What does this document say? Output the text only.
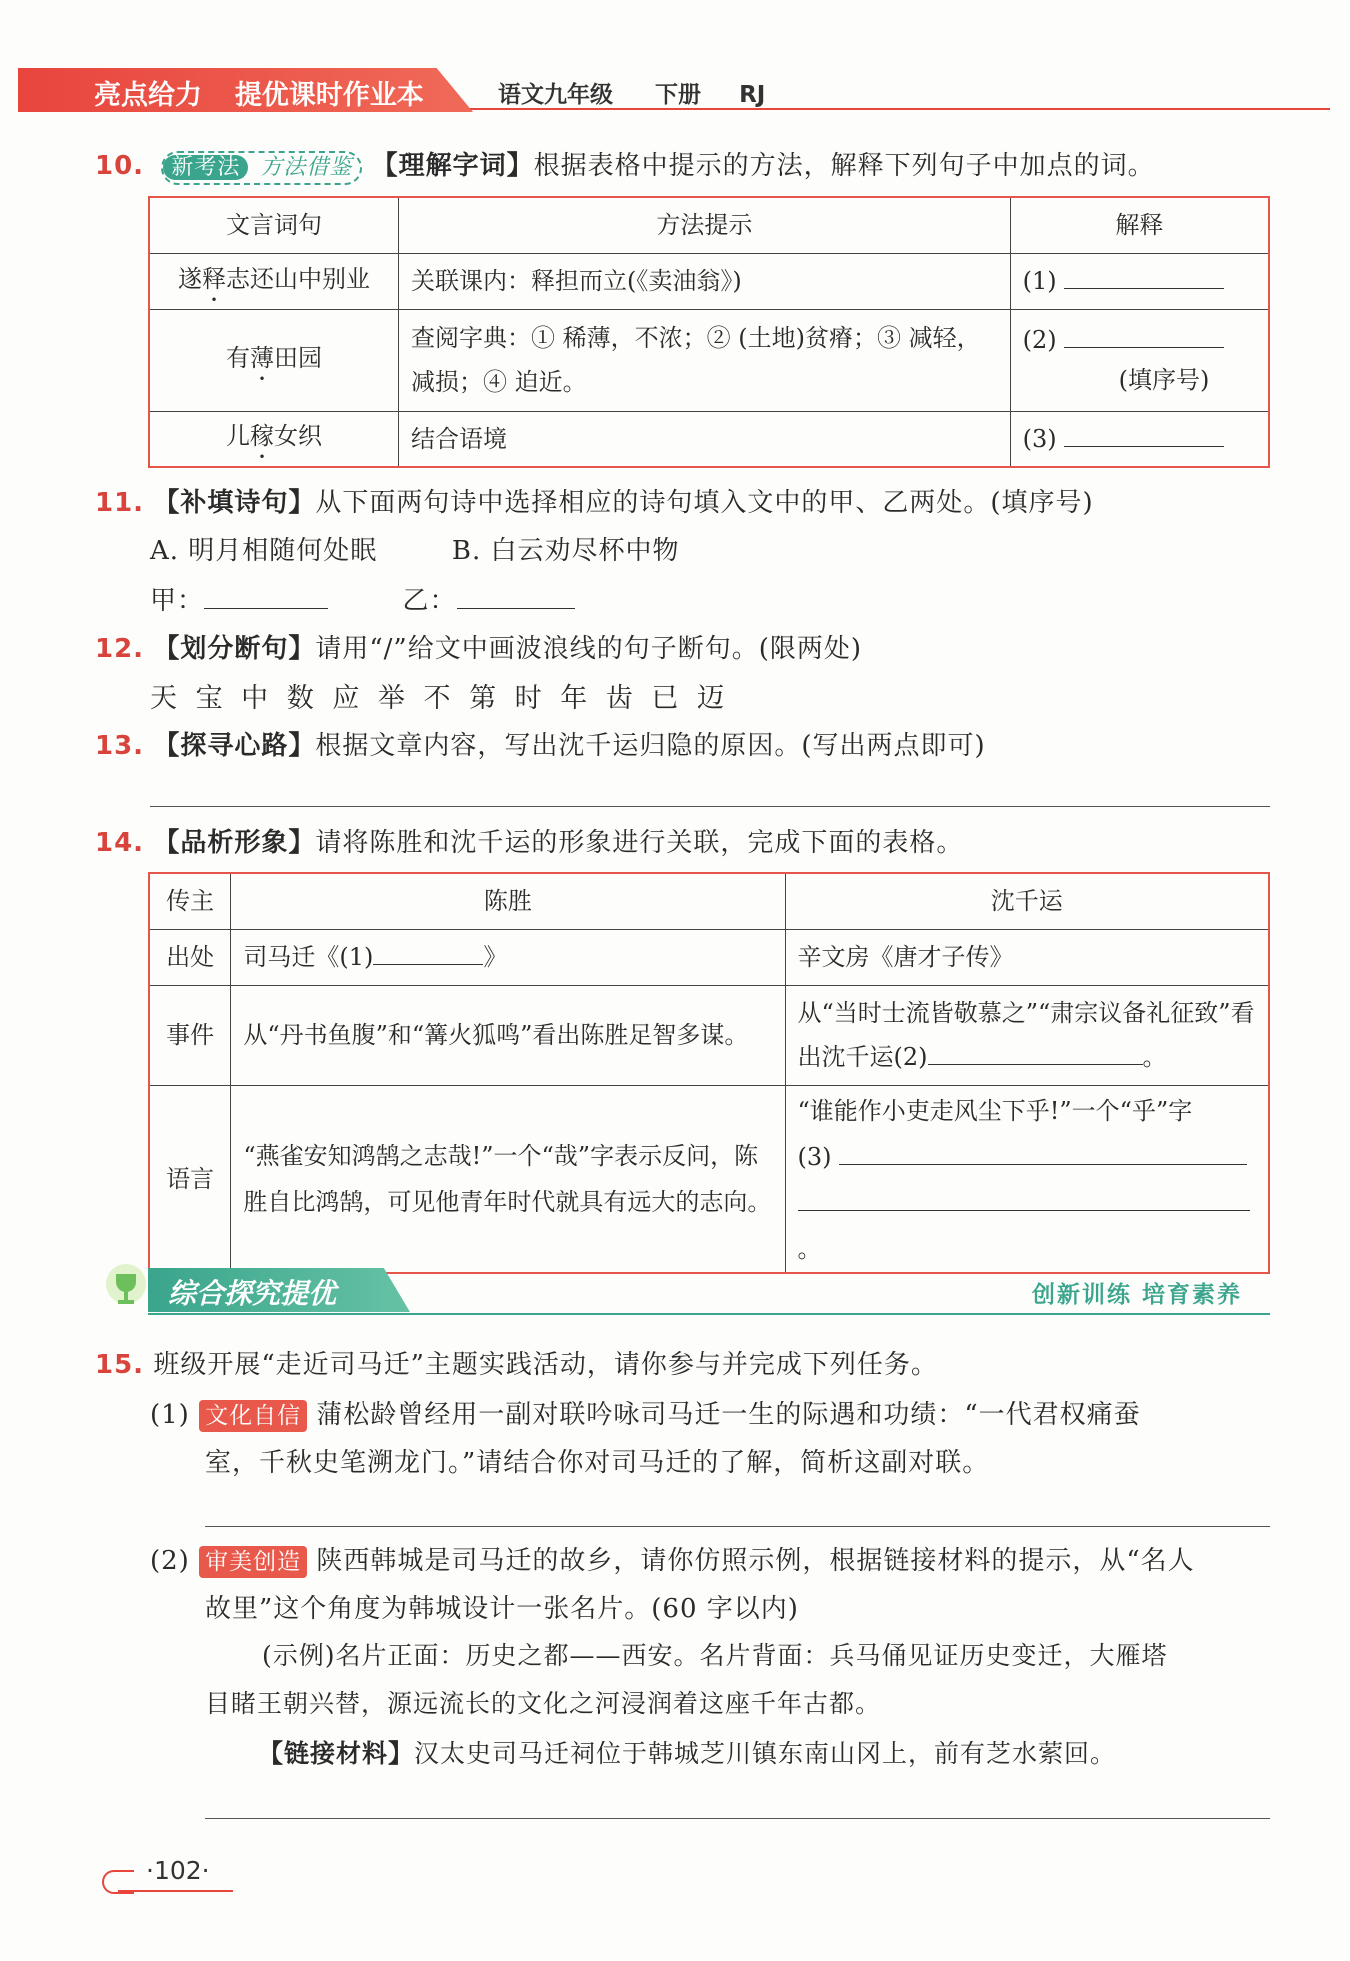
亮点给力 提优课时作业本	语文九年级 下册 RJ
10. 新考法 方法借鉴 【理解字词】根据表格中提示的方法，解释下列句子中加点的词。
文言词句	方法提示	解释
遂释志还山中别业	关联课内：释担而立(《卖油翁》)	(1)
有薄田园	查阅字典：① 稀薄，不浓；② (土地)贫瘠；③ 减轻，减损；④ 迫近。	(2)
(填序号)
儿稼女织	结合语境	(3)
11. 【补填诗句】从下面两句诗中选择相应的诗句填入文中的甲、乙两处。(填序号)
A. 明月相随何处眠	B. 白云劝尽杯中物
甲：	乙：
12. 【划分断句】请用“/”给文中画波浪线的句子断句。(限两处)
天 宝 中 数 应 举 不 第 时 年 齿 已 迈
13. 【探寻心路】根据文章内容，写出沈千运归隐的原因。(写出两点即可)
14. 【品析形象】请将陈胜和沈千运的形象进行关联，完成下面的表格。
传主	陈胜	沈千运
出处	司马迁《(1) 》	辛文房《唐才子传》
事件	从“丹书鱼腹”和“篝火狐鸣”看出陈胜足智多谋。	从“当时士流皆敬慕之”“肃宗议备礼征致”看出沈千运(2) 。
语言	“燕雀安知鸿鹄之志哉!”一个“哉”字表示反问，陈胜自比鸿鹄，可见他青年时代就具有远大的志向。	“谁能作小吏走风尘下乎!”一个“乎”字
(3)
。
综合探究提优	创新训练 培育素养
15. 班级开展“走近司马迁”主题实践活动，请你参与并完成下列任务。
(1) 文化自信 蒲松龄曾经用一副对联吟咏司马迁一生的际遇和功绩：“一代君权痛蚕
室，千秋史笔溯龙门。”请结合你对司马迁的了解，简析这副对联。
(2) 审美创造 陕西韩城是司马迁的故乡，请你仿照示例，根据链接材料的提示，从“名人
故里”这个角度为韩城设计一张名片。(60 字以内)
(示例)名片正面：历史之都——西安。名片背面：兵马俑见证历史变迁，大雁塔
目睹王朝兴替，源远流长的文化之河浸润着这座千年古都。
【链接材料】汉太史司马迁祠位于韩城芝川镇东南山冈上，前有芝水萦回。
·102·
